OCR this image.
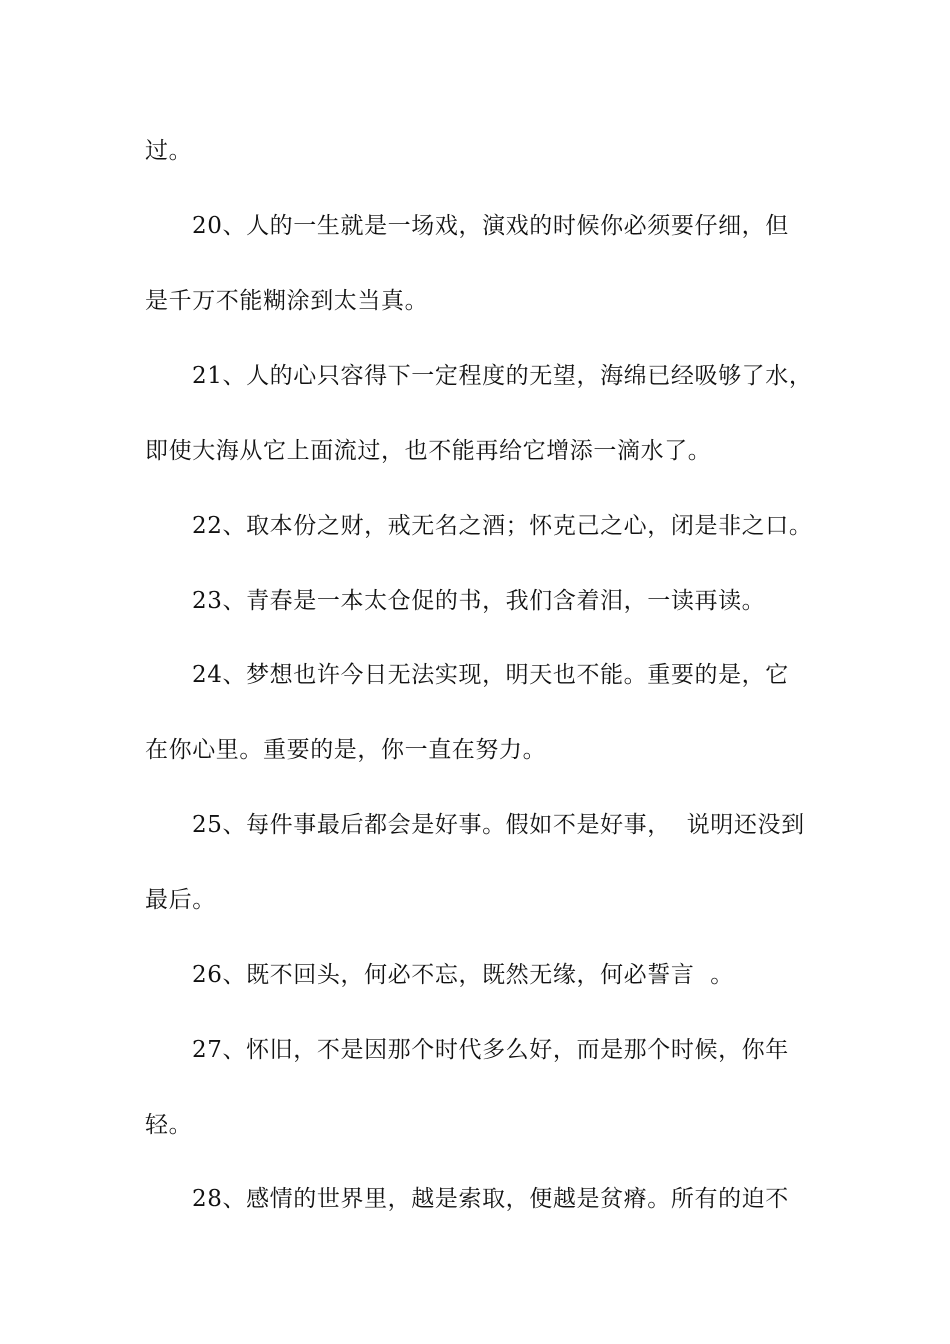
过。
20、人的一生就是一场戏，演戏的时候你必须要仔细，但
是千万不能糊涂到太当真。
21、人的心只容得下一定程度的无望，海绵已经吸够了水，
即使大海从它上面流过，也不能再给它增添一滴水了。
22、取本份之财，戒无名之酒；怀克己之心，闭是非之口。
23、青春是一本太仓促的书，我们含着泪，一读再读。
24、梦想也许今日无法实现，明天也不能。重要的是，它
在你心里。重要的是，你一直在努力。
25、每件事最后都会是好事。假如不是好事，  说明还没到
最后。
26、既不回头，何必不忘，既然无缘，何必誓言  。
27、怀旧，不是因那个时代多么好，而是那个时候，你年
轻。
28、感情的世界里，越是索取，便越是贫瘠。所有的迫不
